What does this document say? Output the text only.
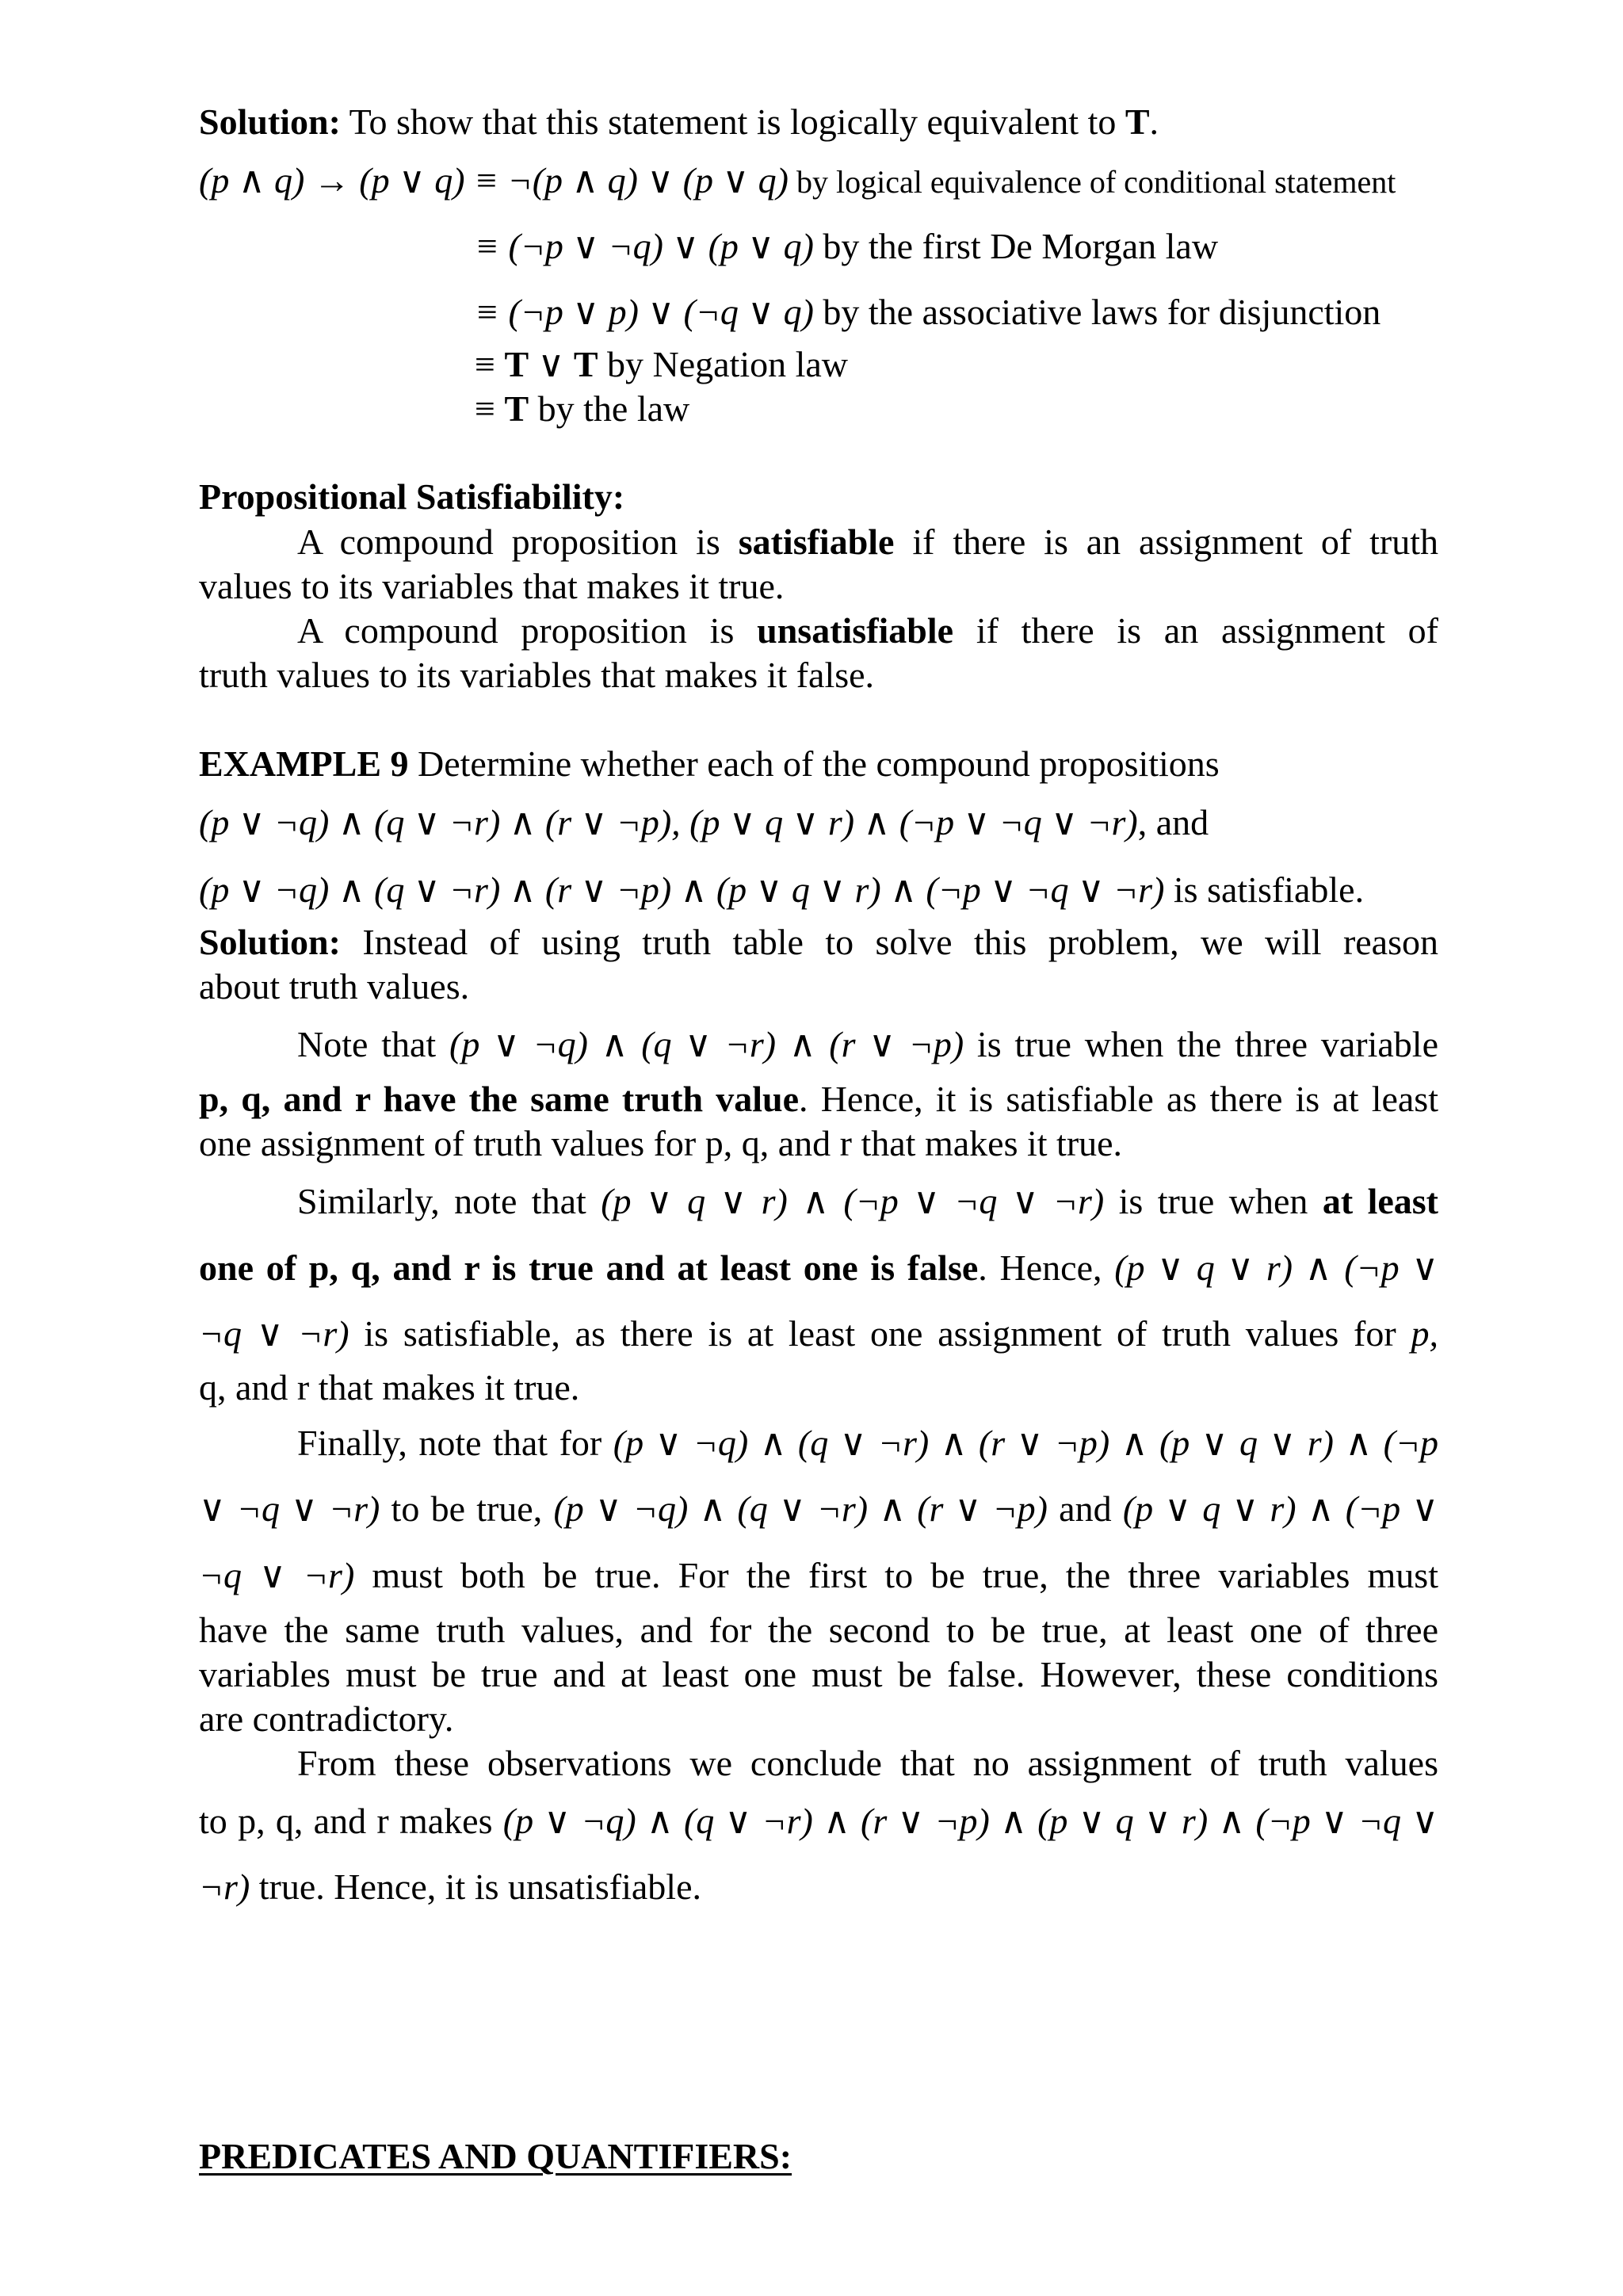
Solution: To show that this statement is logically equivalent to T.
(p ∧ q) → (p ∨ q) ≡ ¬(p ∧ q) ∨ (p ∨ q) by logical equivalence of conditional statement
≡ (¬p ∨ ¬q) ∨ (p ∨ q) by the first De Morgan law
≡ (¬p ∨ p) ∨ (¬q ∨ q) by the associative laws for disjunction
≡ T ∨ T by Negation law
≡ T by the law
Propositional Satisfiability:
A compound proposition is satisfiable if there is an assignment of truth
values to its variables that makes it true.
A compound proposition is unsatisfiable if there is an assignment of
truth values to its variables that makes it false.
EXAMPLE 9 Determine whether each of the compound propositions
(p ∨ ¬q) ∧ (q ∨ ¬r) ∧ (r ∨ ¬p), (p ∨ q ∨ r) ∧ (¬p ∨ ¬q ∨ ¬r), and
(p ∨ ¬q) ∧ (q ∨ ¬r) ∧ (r ∨ ¬p) ∧ (p ∨ q ∨ r) ∧ (¬p ∨ ¬q ∨ ¬r) is satisfiable.
Solution: Instead of using truth table to solve this problem, we will reason
about truth values.
Note that (p ∨ ¬q) ∧ (q ∨ ¬r) ∧ (r ∨ ¬p) is true when the three variable
p, q, and r have the same truth value. Hence, it is satisfiable as there is at least
one assignment of truth values for p, q, and r that makes it true.
Similarly, note that (p ∨ q ∨ r) ∧ (¬p ∨ ¬q ∨ ¬r) is true when at least
one of p, q, and r is true and at least one is false. Hence, (p ∨ q ∨ r) ∧ (¬p ∨
¬q ∨ ¬r) is satisfiable, as there is at least one assignment of truth values for p,
q, and r that makes it true.
Finally, note that for (p ∨ ¬q) ∧ (q ∨ ¬r) ∧ (r ∨ ¬p) ∧ (p ∨ q ∨ r) ∧ (¬p
∨ ¬q ∨ ¬r) to be true, (p ∨ ¬q) ∧ (q ∨ ¬r) ∧ (r ∨ ¬p) and (p ∨ q ∨ r) ∧ (¬p ∨
¬q ∨ ¬r) must both be true. For the first to be true, the three variables must
have the same truth values, and for the second to be true, at least one of three
variables must be true and at least one must be false. However, these conditions
are contradictory.
From these observations we conclude that no assignment of truth values
to p, q, and r makes (p ∨ ¬q) ∧ (q ∨ ¬r) ∧ (r ∨ ¬p) ∧ (p ∨ q ∨ r) ∧ (¬p ∨ ¬q ∨
¬r) true. Hence, it is unsatisfiable.
PREDICATES AND QUANTIFIERS:
